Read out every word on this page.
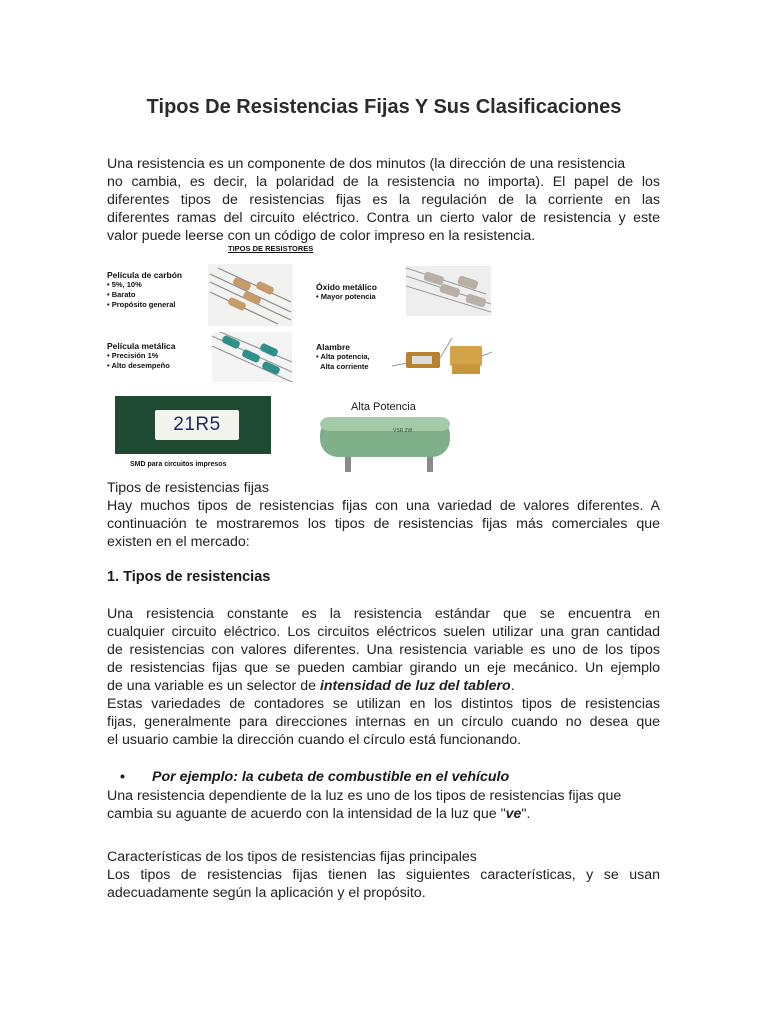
Tipos De Resistencias Fijas Y Sus Clasificaciones

Una resistencia es un componente de dos minutos (la dirección de una resistencia

no cambia, es decir, la polaridad de la resistencia no importa). El papel de los

diferentes tipos de resistencias fijas es la regulación de la corriente en las

diferentes ramas del circuito eléctrico. Contra un cierto valor de resistencia y este

valor puede leerse con un código de color impreso en la resistencia.

TIPOS DE RESISTORES
Película de carbón
• 5%, 10%
• Barato
• Propósito general
Óxido metálico
• Mayor potencia
Película metálica
• Precisión 1%
• Alto desempeño
Alambre
• Alta potencia,
Alta corriente
21R5
SMD para circuitos impresos
Alta Potencia
VSR 2W

Tipos de resistencias fijas

Hay muchos tipos de resistencias fijas con una variedad de valores diferentes. A

continuación te mostraremos los tipos de resistencias fijas más comerciales que

existen en el mercado:

1. Tipos de resistencias

Una resistencia constante es la resistencia estándar que se encuentra en

cualquier circuito eléctrico. Los circuitos eléctricos suelen utilizar una gran cantidad

de resistencias con valores diferentes. Una resistencia variable es uno de los tipos

de resistencias fijas que se pueden cambiar girando un eje mecánico. Un ejemplo

de una variable es un selector de intensidad de luz del tablero.

Estas variedades de contadores se utilizan en los distintos tipos de resistencias

fijas, generalmente para direcciones internas en un círculo cuando no desea que

el usuario cambie la dirección cuando el círculo está funcionando.

• Por ejemplo: la cubeta de combustible en el vehículo

Una resistencia dependiente de la luz es uno de los tipos de resistencias fijas que

cambia su aguante de acuerdo con la intensidad de la luz que "ve".

Características de los tipos de resistencias fijas principales

Los tipos de resistencias fijas tienen las siguientes características, y se usan

adecuadamente según la aplicación y el propósito.
